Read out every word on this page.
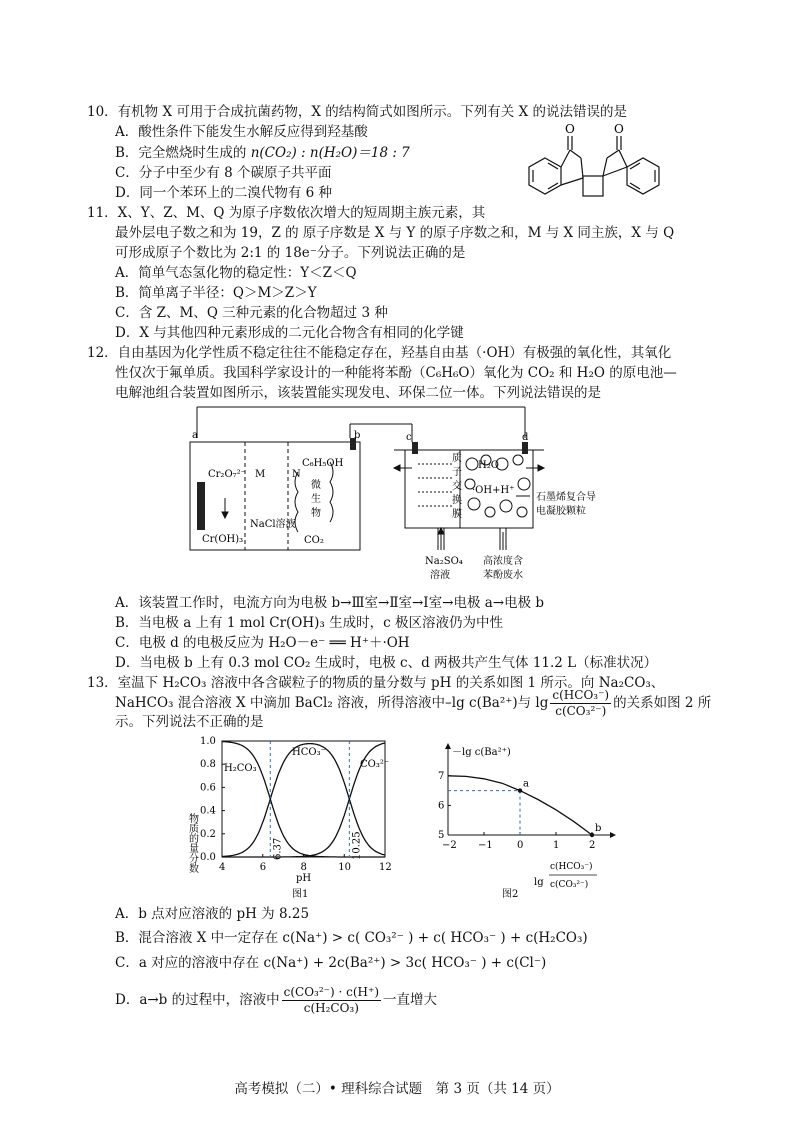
10．有机物 X 可用于合成抗菌药物，X 的结构简式如图所示。下列有关 X 的说法错误的是
A．酸性条件下能发生水解反应得到羟基酸
B．完全燃烧时生成的 n(CO₂) : n(H₂O)＝18 : 7
C．分子中至少有 8 个碳原子共平面
D．同一个苯环上的二溴代物有 6 种
O	O
11．X、Y、Z、M、Q 为原子序数依次增大的短周期主族元素，其
最外层电子数之和为 19，Z 的 原子序数是 X 与 Y 的原子序数之和，M 与 X 同主族，X 与 Q
可形成原子个数比为 2:1 的 18e⁻分子。下列说法正确的是
A．简单气态氢化物的稳定性：Y＜Z＜Q
B．简单离子半径：Q＞M＞Z＞Y
C．含 Z、M、Q 三种元素的化合物超过 3 种
D．X 与其他四种元素形成的二元化合物含有相同的化学键
12．自由基因为化学性质不稳定往往不能稳定存在，羟基自由基（·OH）有极强的氧化性，其氧化
性仅次于氟单质。我国科学家设计的一种能将苯酚（C₆H₆O）氧化为 CO₂ 和 H₂O 的原电池—
电解池组合装置如图所示，该装置能实现发电、环保二位一体。下列说法错误的是
a	b	c	d
Cr₂O₇²⁻
Cr(OH)₃
M	N
C₆H₅OH
微
生
物
NaCl溶液
CO₂
质
子
交
换
膜
H₂O
·OH+H⁺
石墨烯复合导
电凝胶颗粒
Na₂SO₄
溶液
高浓度含
苯酚废水
A．该装置工作时，电流方向为电极 b→Ⅲ室→Ⅱ室→Ⅰ室→电极 a→电极 b
B．当电极 a 上有 1 mol Cr(OH)₃ 生成时，c 极区溶液仍为中性
C．电极 d 的电极反应为 H₂O－e⁻ ══ H⁺＋·OH
D．当电极 b 上有 0.3 mol CO₂ 生成时，电极 c、d 两极共产生气体 11.2 L（标准状况）
13．室温下 H₂CO₃ 溶液中各含碳粒子的物质的量分数与 pH 的关系如图 1 所示。向 Na₂CO₃、
NaHCO₃ 混合溶液 X 中滴加 BaCl₂ 溶液，所得溶液中–lg c(Ba²⁺)与 $\lg \frac{\text{c(HCO₃⁻)}}{\text{c(CO₃²⁻)}}$ 的关系如图 2 所
示。下列说法不正确的是
物质的量分数
1.0
0.8
0.6
0.4
0.2
0.0
4	6	8	10	12
pH
图1
H₂CO₃
HCO₃⁻
CO₃²⁻
6.37	10.25
－lg c(Ba²⁺)
7
6
5
−2 −1 0	1	2
a
b
lg
c(HCO₃⁻)
c(CO₃²⁻)
图2
A．b 点对应溶液的 pH 为 8.25
B．混合溶液 X 中一定存在 c(Na⁺) > c( CO₃²⁻ ) + c( HCO₃⁻ ) + c(H₂CO₃)
C．a 对应的溶液中存在 c(Na⁺) + 2c(Ba²⁺) > 3c( HCO₃⁻ ) + c(Cl⁻)
D．a→b 的过程中，溶液中 $\frac{\text{c(CO₃²⁻) · c(H⁺)}}{\text{c(H₂CO₃)}}$ 一直增大
高考模拟（二）• 理科综合试题　第 3 页（共 14 页）
